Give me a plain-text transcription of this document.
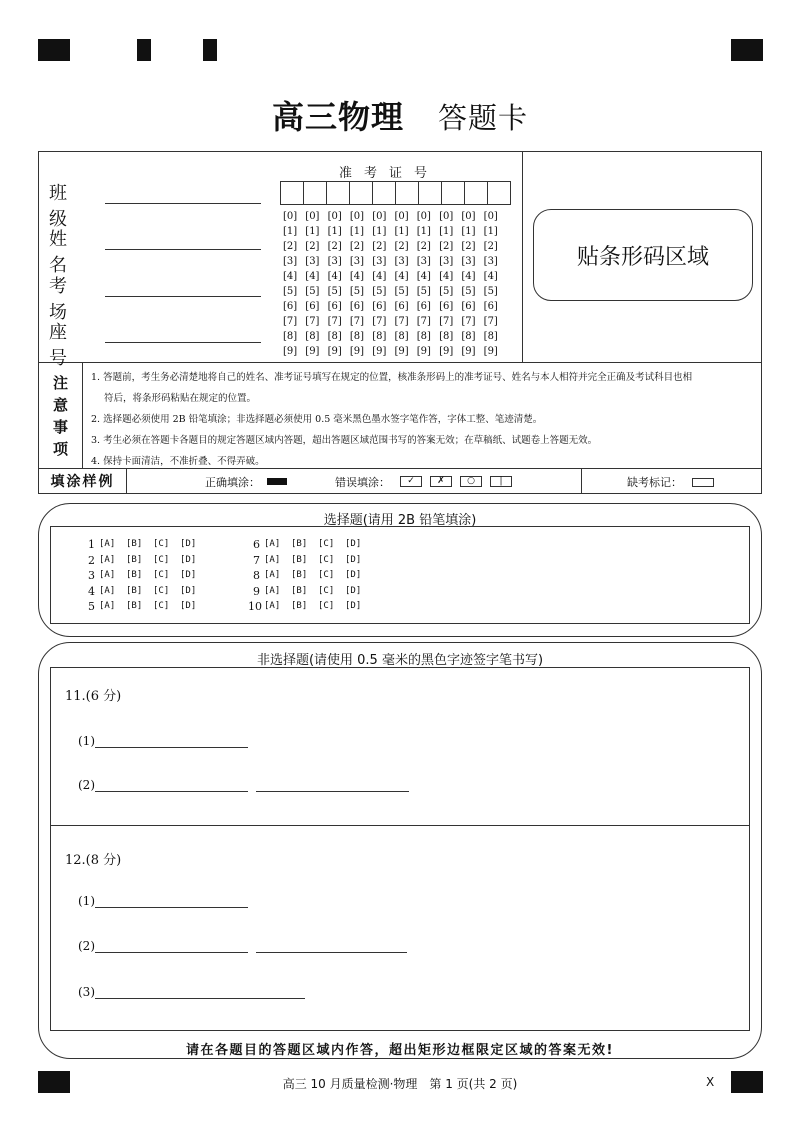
高三物理 答题卡
班　级
姓　名
考　场
座　号
准考证号
[0] [0] [0] [0] [0] [0] [0] [0] [0] [0]
[1] [1] [1] [1] [1] [1] [1] [1] [1] [1]
[2] [2] [2] [2] [2] [2] [2] [2] [2] [2]
[3] [3] [3] [3] [3] [3] [3] [3] [3] [3]
[4] [4] [4] [4] [4] [4] [4] [4] [4] [4]
[5] [5] [5] [5] [5] [5] [5] [5] [5] [5]
[6] [6] [6] [6] [6] [6] [6] [6] [6] [6]
[7] [7] [7] [7] [7] [7] [7] [7] [7] [7]
[8] [8] [8] [8] [8] [8] [8] [8] [8] [8]
[9] [9] [9] [9] [9] [9] [9] [9] [9] [9]
贴条形码区域
注
意
事
项
1. 答题前，考生务必清楚地将自己的姓名、准考证号填写在规定的位置，核准条形码上的准考证号、姓名与本人相符并完全正确及考试科目也相
符后，将条形码粘贴在规定的位置。
2. 选择题必须使用 2B 铅笔填涂；非选择题必须使用 0.5 毫米黑色墨水签字笔作答，字体工整、笔迹清楚。
3. 考生必须在答题卡各题目的规定答题区域内答题，超出答题区域范围书写的答案无效；在草稿纸、试题卷上答题无效。
4. 保持卡面清洁，不准折叠、不得弄破。
填涂样例	正确填涂：	错误填涂：	✓	✗	○	|	缺考标记：
选择题(请用 2B 铅笔填涂)
1 [A]	[B]	[C]	[D]
2 [A]	[B]	[C]	[D]
3 [A]	[B]	[C]	[D]
4 [A]	[B]	[C]	[D]
5 [A]	[B]	[C]	[D]
6 [A]	[B]	[C]	[D]
7 [A]	[B]	[C]	[D]
8 [A]	[B]	[C]	[D]
9 [A]	[B]	[C]	[D]
10 [A]	[B]	[C]	[D]
非选择题(请使用 0.5 毫米的黑色字迹签字笔书写)
11.(6 分)
(1)
(2)
12.(8 分)
(1)
(2)
(3)
请在各题目的答题区域内作答，超出矩形边框限定区域的答案无效!
高三 10 月质量检测·物理　第 1 页(共 2 页)	X
